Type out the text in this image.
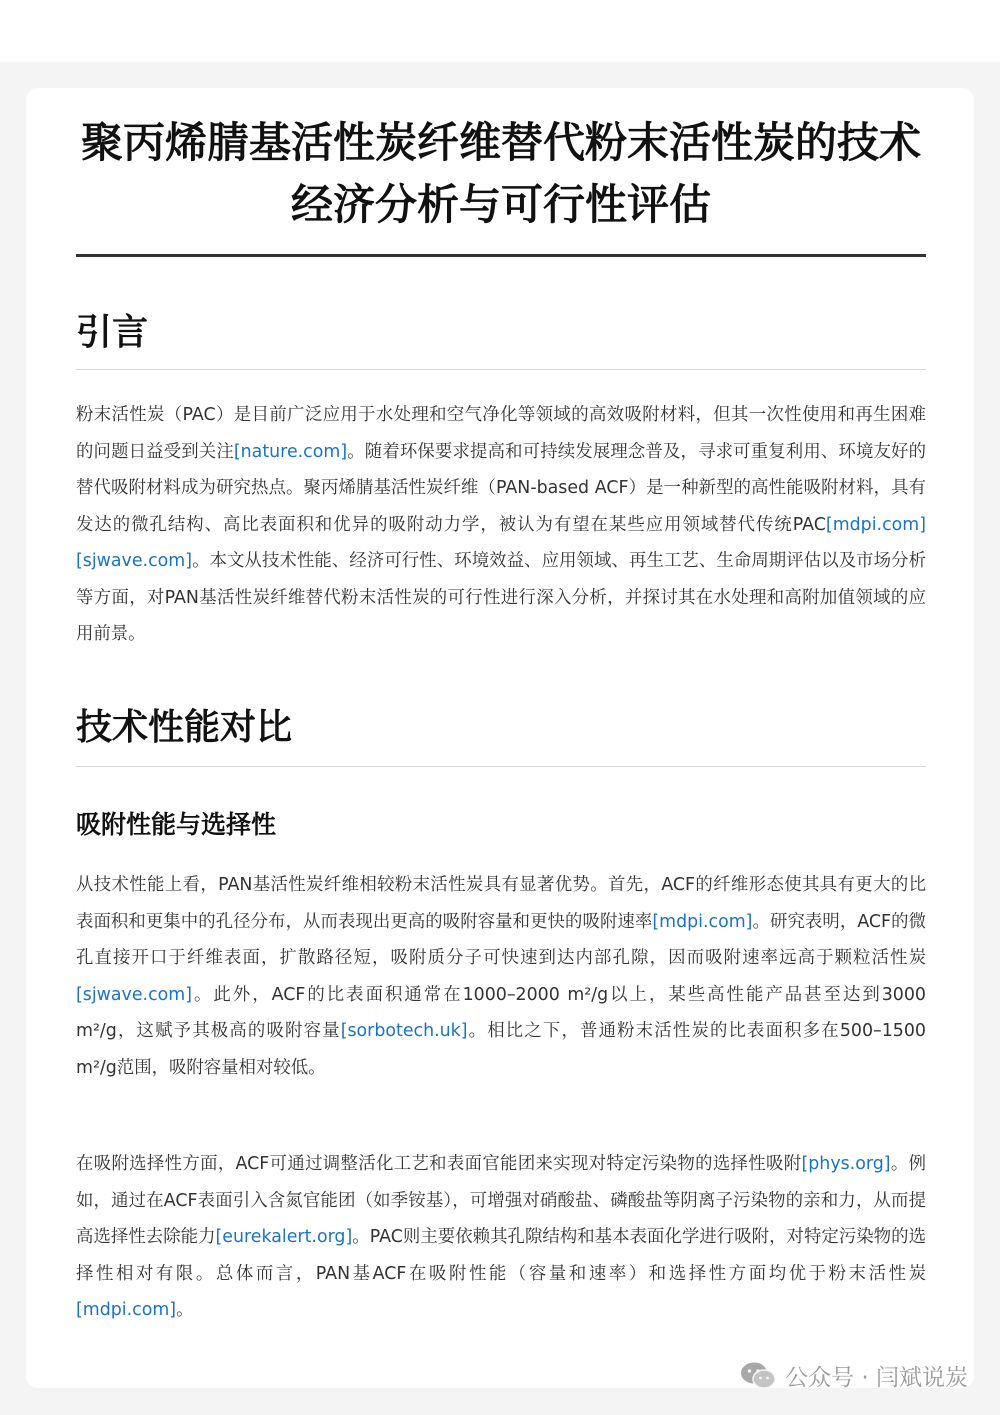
聚丙烯腈基活性炭纤维替代粉末活性炭的技术经济分析与可行性评估
引言

粉末活性炭（PAC）是目前广泛应用于水处理和空气净化等领域的高效吸附材料，但其一次性使用和再生困难的问题日益受到关注[nature.com]。随着环保要求提高和可持续发展理念普及，寻求可重复利用、环境友好的替代吸附材料成为研究热点。聚丙烯腈基活性炭纤维（PAN-based ACF）是一种新型的高性能吸附材料，具有发达的微孔结构、高比表面积和优异的吸附动力学，被认为有望在某些应用领域替代传统PAC[mdpi.com][sjwave.com]。本文从技术性能、经济可行性、环境效益、应用领域、再生工艺、生命周期评估以及市场分析等方面，对PAN基活性炭纤维替代粉末活性炭的可行性进行深入分析，并探讨其在水处理和高附加值领域的应用前景。

技术性能对比
吸附性能与选择性

从技术性能上看，PAN基活性炭纤维相较粉末活性炭具有显著优势。首先，ACF的纤维形态使其具有更大的比表面积和更集中的孔径分布，从而表现出更高的吸附容量和更快的吸附速率[mdpi.com]。研究表明，ACF的微孔直接开口于纤维表面，扩散路径短，吸附质分子可快速到达内部孔隙，因而吸附速率远高于颗粒活性炭[sjwave.com]。此外，ACF的比表面积通常在1000–2000 m²/g以上，某些高性能产品甚至达到3000 m²/g，这赋予其极高的吸附容量[sorbotech.uk]。相比之下，普通粉末活性炭的比表面积多在500–1500 m²/g范围，吸附容量相对较低。

在吸附选择性方面，ACF可通过调整活化工艺和表面官能团来实现对特定污染物的选择性吸附[phys.org]。例如，通过在ACF表面引入含氮官能团（如季铵基），可增强对硝酸盐、磷酸盐等阴离子污染物的亲和力，从而提高选择性去除能力[eurekalert.org]。PAC则主要依赖其孔隙结构和基本表面化学进行吸附，对特定污染物的选择性相对有限。总体而言，PAN基ACF在吸附性能（容量和速率）和选择性方面均优于粉末活性炭[mdpi.com]。

公众号 · 闫斌说炭
